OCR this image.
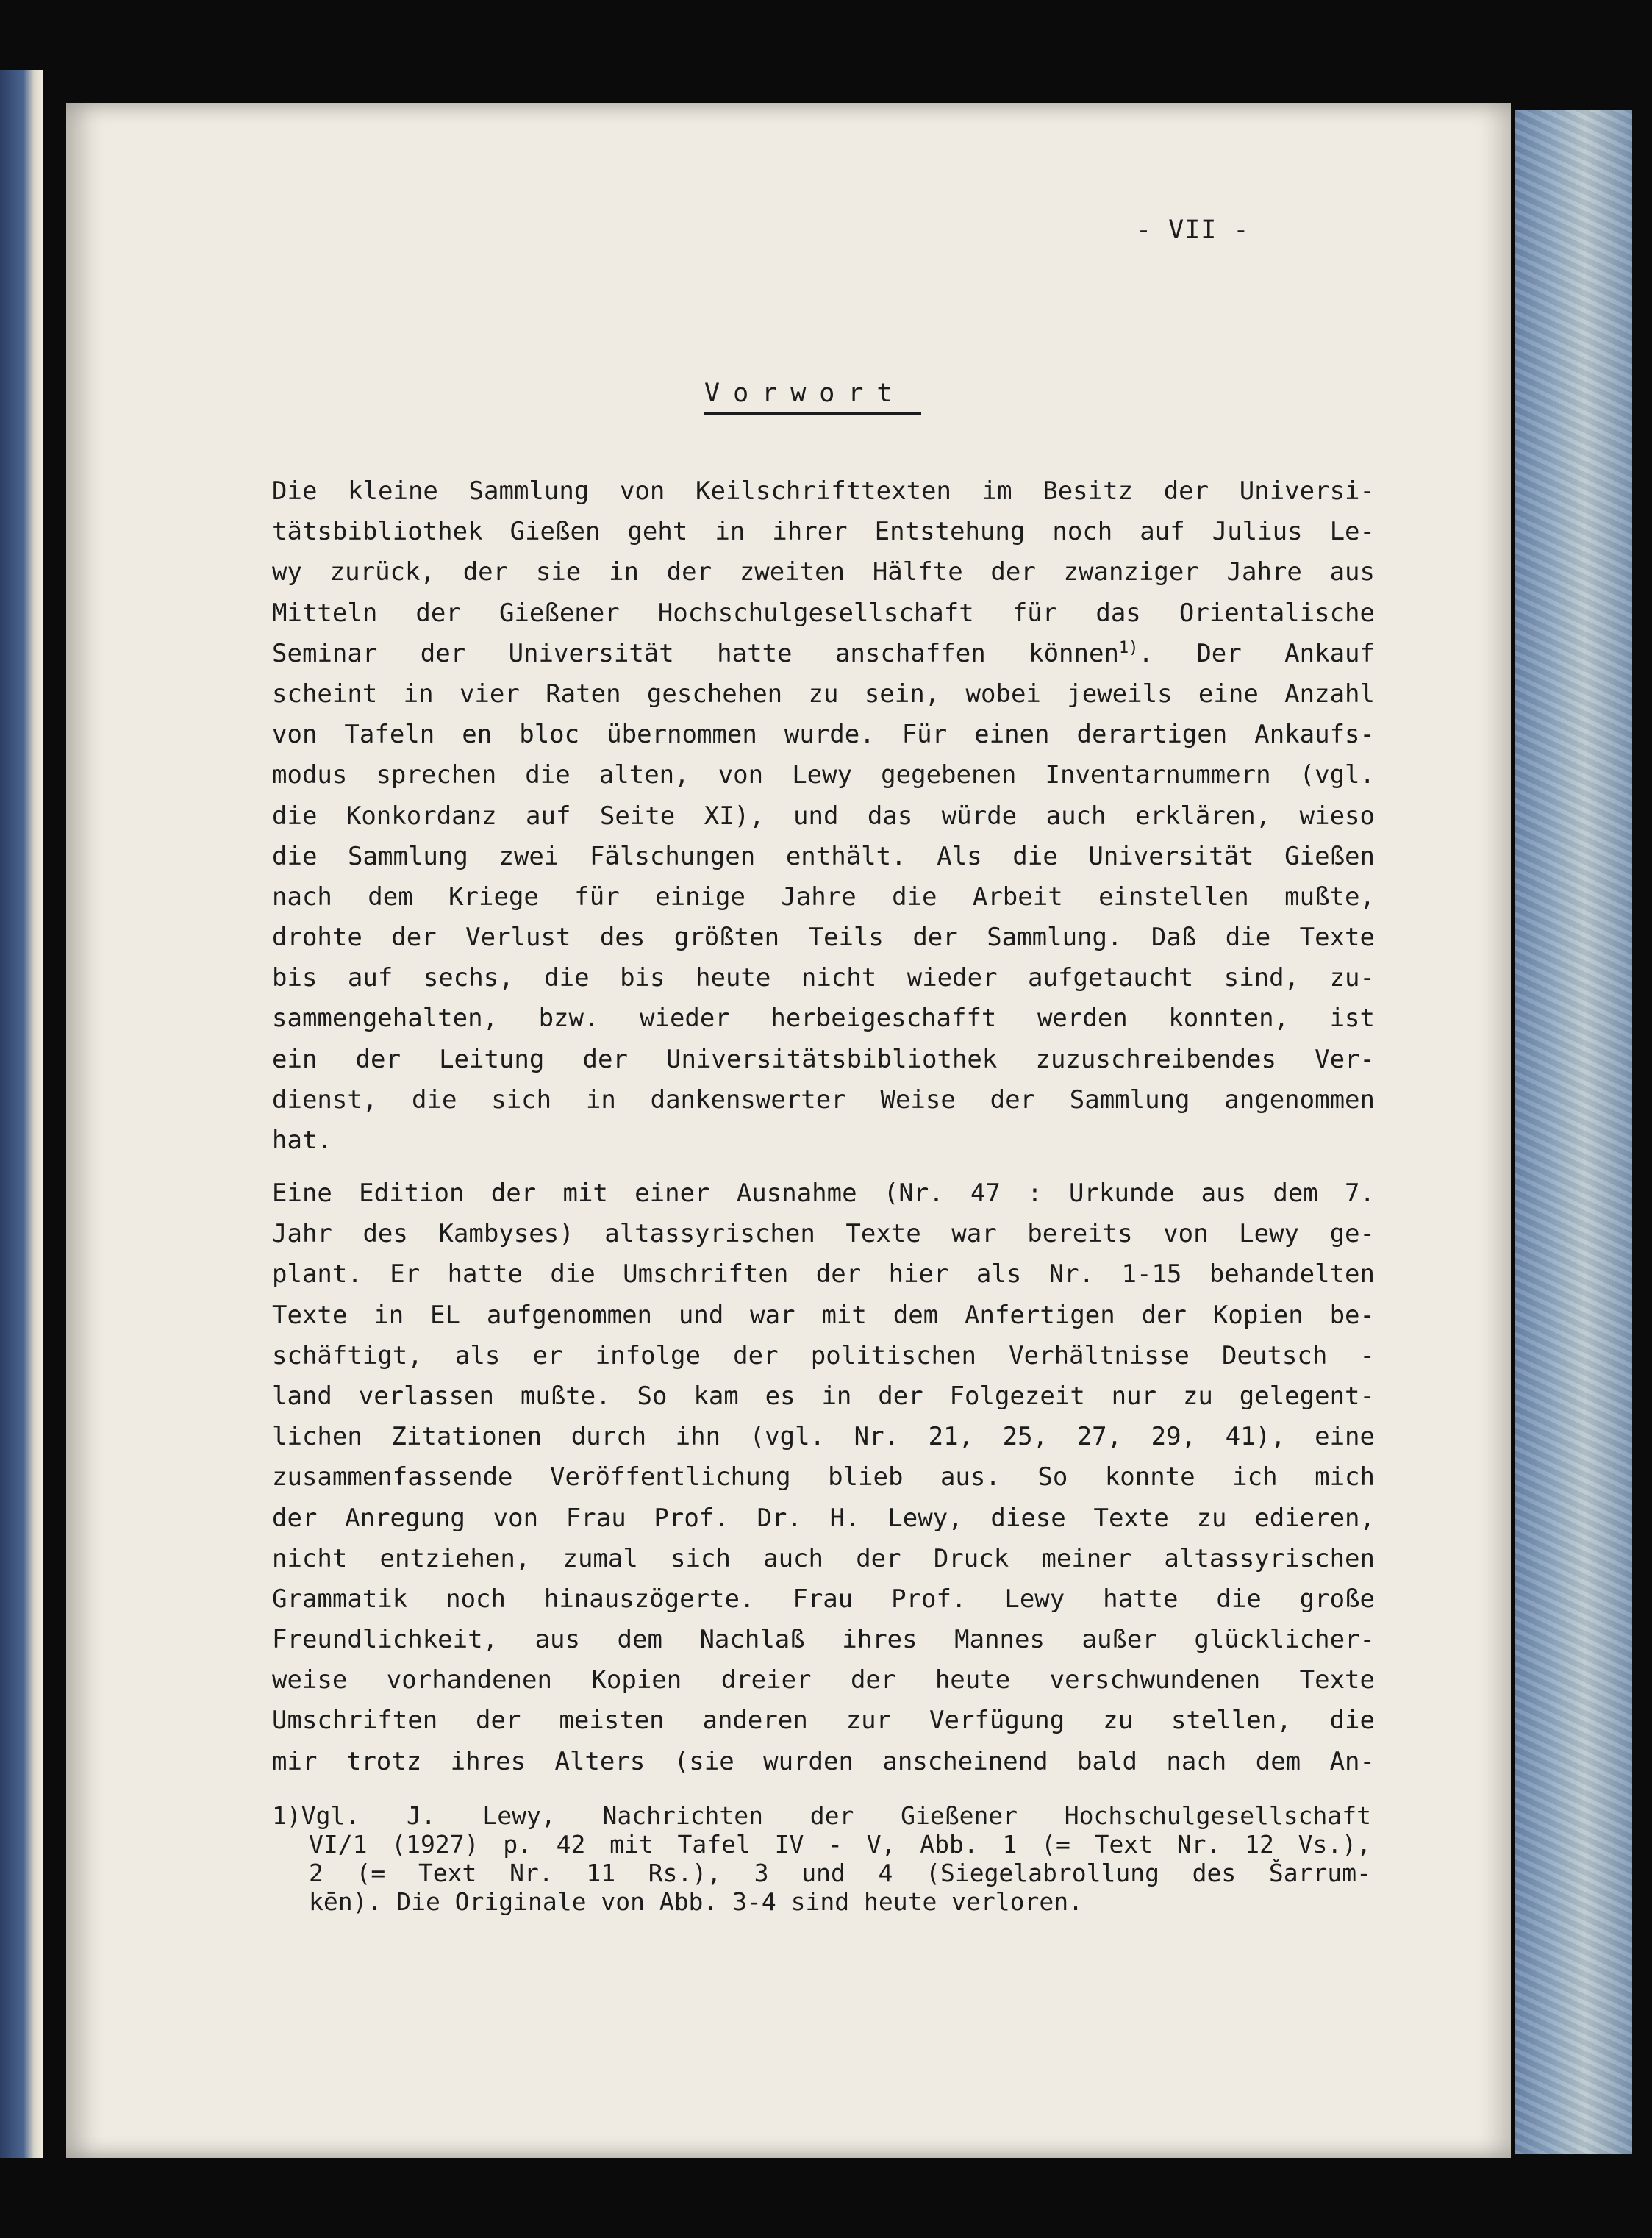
- VII -
Vorwort
Die kleine Sammlung von Keilschrifttexten im Besitz der Universi-
tätsbibliothek Gießen geht in ihrer Entstehung noch auf Julius Le-
wy zurück, der sie in der zweiten Hälfte der zwanziger Jahre aus
Mitteln der Gießener Hochschulgesellschaft für das Orientalische
Seminar der Universität hatte anschaffen können$^{1)}$. Der Ankauf
scheint in vier Raten geschehen zu sein, wobei jeweils eine Anzahl
von Tafeln en bloc übernommen wurde. Für einen derartigen Ankaufs-
modus sprechen die alten, von Lewy gegebenen Inventarnummern (vgl.
die Konkordanz auf Seite XI), und das würde auch erklären, wieso
die Sammlung zwei Fälschungen enthält. Als die Universität Gießen
nach dem Kriege für einige Jahre die Arbeit einstellen mußte,
drohte der Verlust des größten Teils der Sammlung. Daß die Texte
bis auf sechs, die bis heute nicht wieder aufgetaucht sind, zu-
sammengehalten, bzw. wieder herbeigeschafft werden konnten, ist
ein der Leitung der Universitätsbibliothek zuzuschreibendes Ver-
dienst, die sich in dankenswerter Weise der Sammlung angenommen
hat.
Eine Edition der mit einer Ausnahme (Nr. 47 : Urkunde aus dem 7.
Jahr des Kambyses) altassyrischen Texte war bereits von Lewy ge-
plant. Er hatte die Umschriften der hier als Nr. 1-15 behandelten
Texte in EL aufgenommen und war mit dem Anfertigen der Kopien be-
schäftigt, als er infolge der politischen Verhältnisse Deutsch -
land verlassen mußte. So kam es in der Folgezeit nur zu gelegent-
lichen Zitationen durch ihn (vgl. Nr. 21, 25, 27, 29, 41), eine
zusammenfassende Veröffentlichung blieb aus. So konnte ich mich
der Anregung von Frau Prof. Dr. H. Lewy, diese Texte zu edieren,
nicht entziehen, zumal sich auch der Druck meiner altassyrischen
Grammatik noch hinauszögerte. Frau Prof. Lewy hatte die große
Freundlichkeit, aus dem Nachlaß ihres Mannes außer glücklicher-
weise vorhandenen Kopien dreier der heute verschwundenen Texte
Umschriften der meisten anderen zur Verfügung zu stellen, die
mir trotz ihres Alters (sie wurden anscheinend bald nach dem An-
1)Vgl. J. Lewy, Nachrichten der Gießener Hochschulgesellschaft
VI/1 (1927) p. 42 mit Tafel IV - V, Abb. 1 (= Text Nr. 12 Vs.),
2 (= Text Nr. 11 Rs.), 3 und 4 (Siegelabrollung des Šarrum-
kēn). Die Originale von Abb. 3-4 sind heute verloren.
